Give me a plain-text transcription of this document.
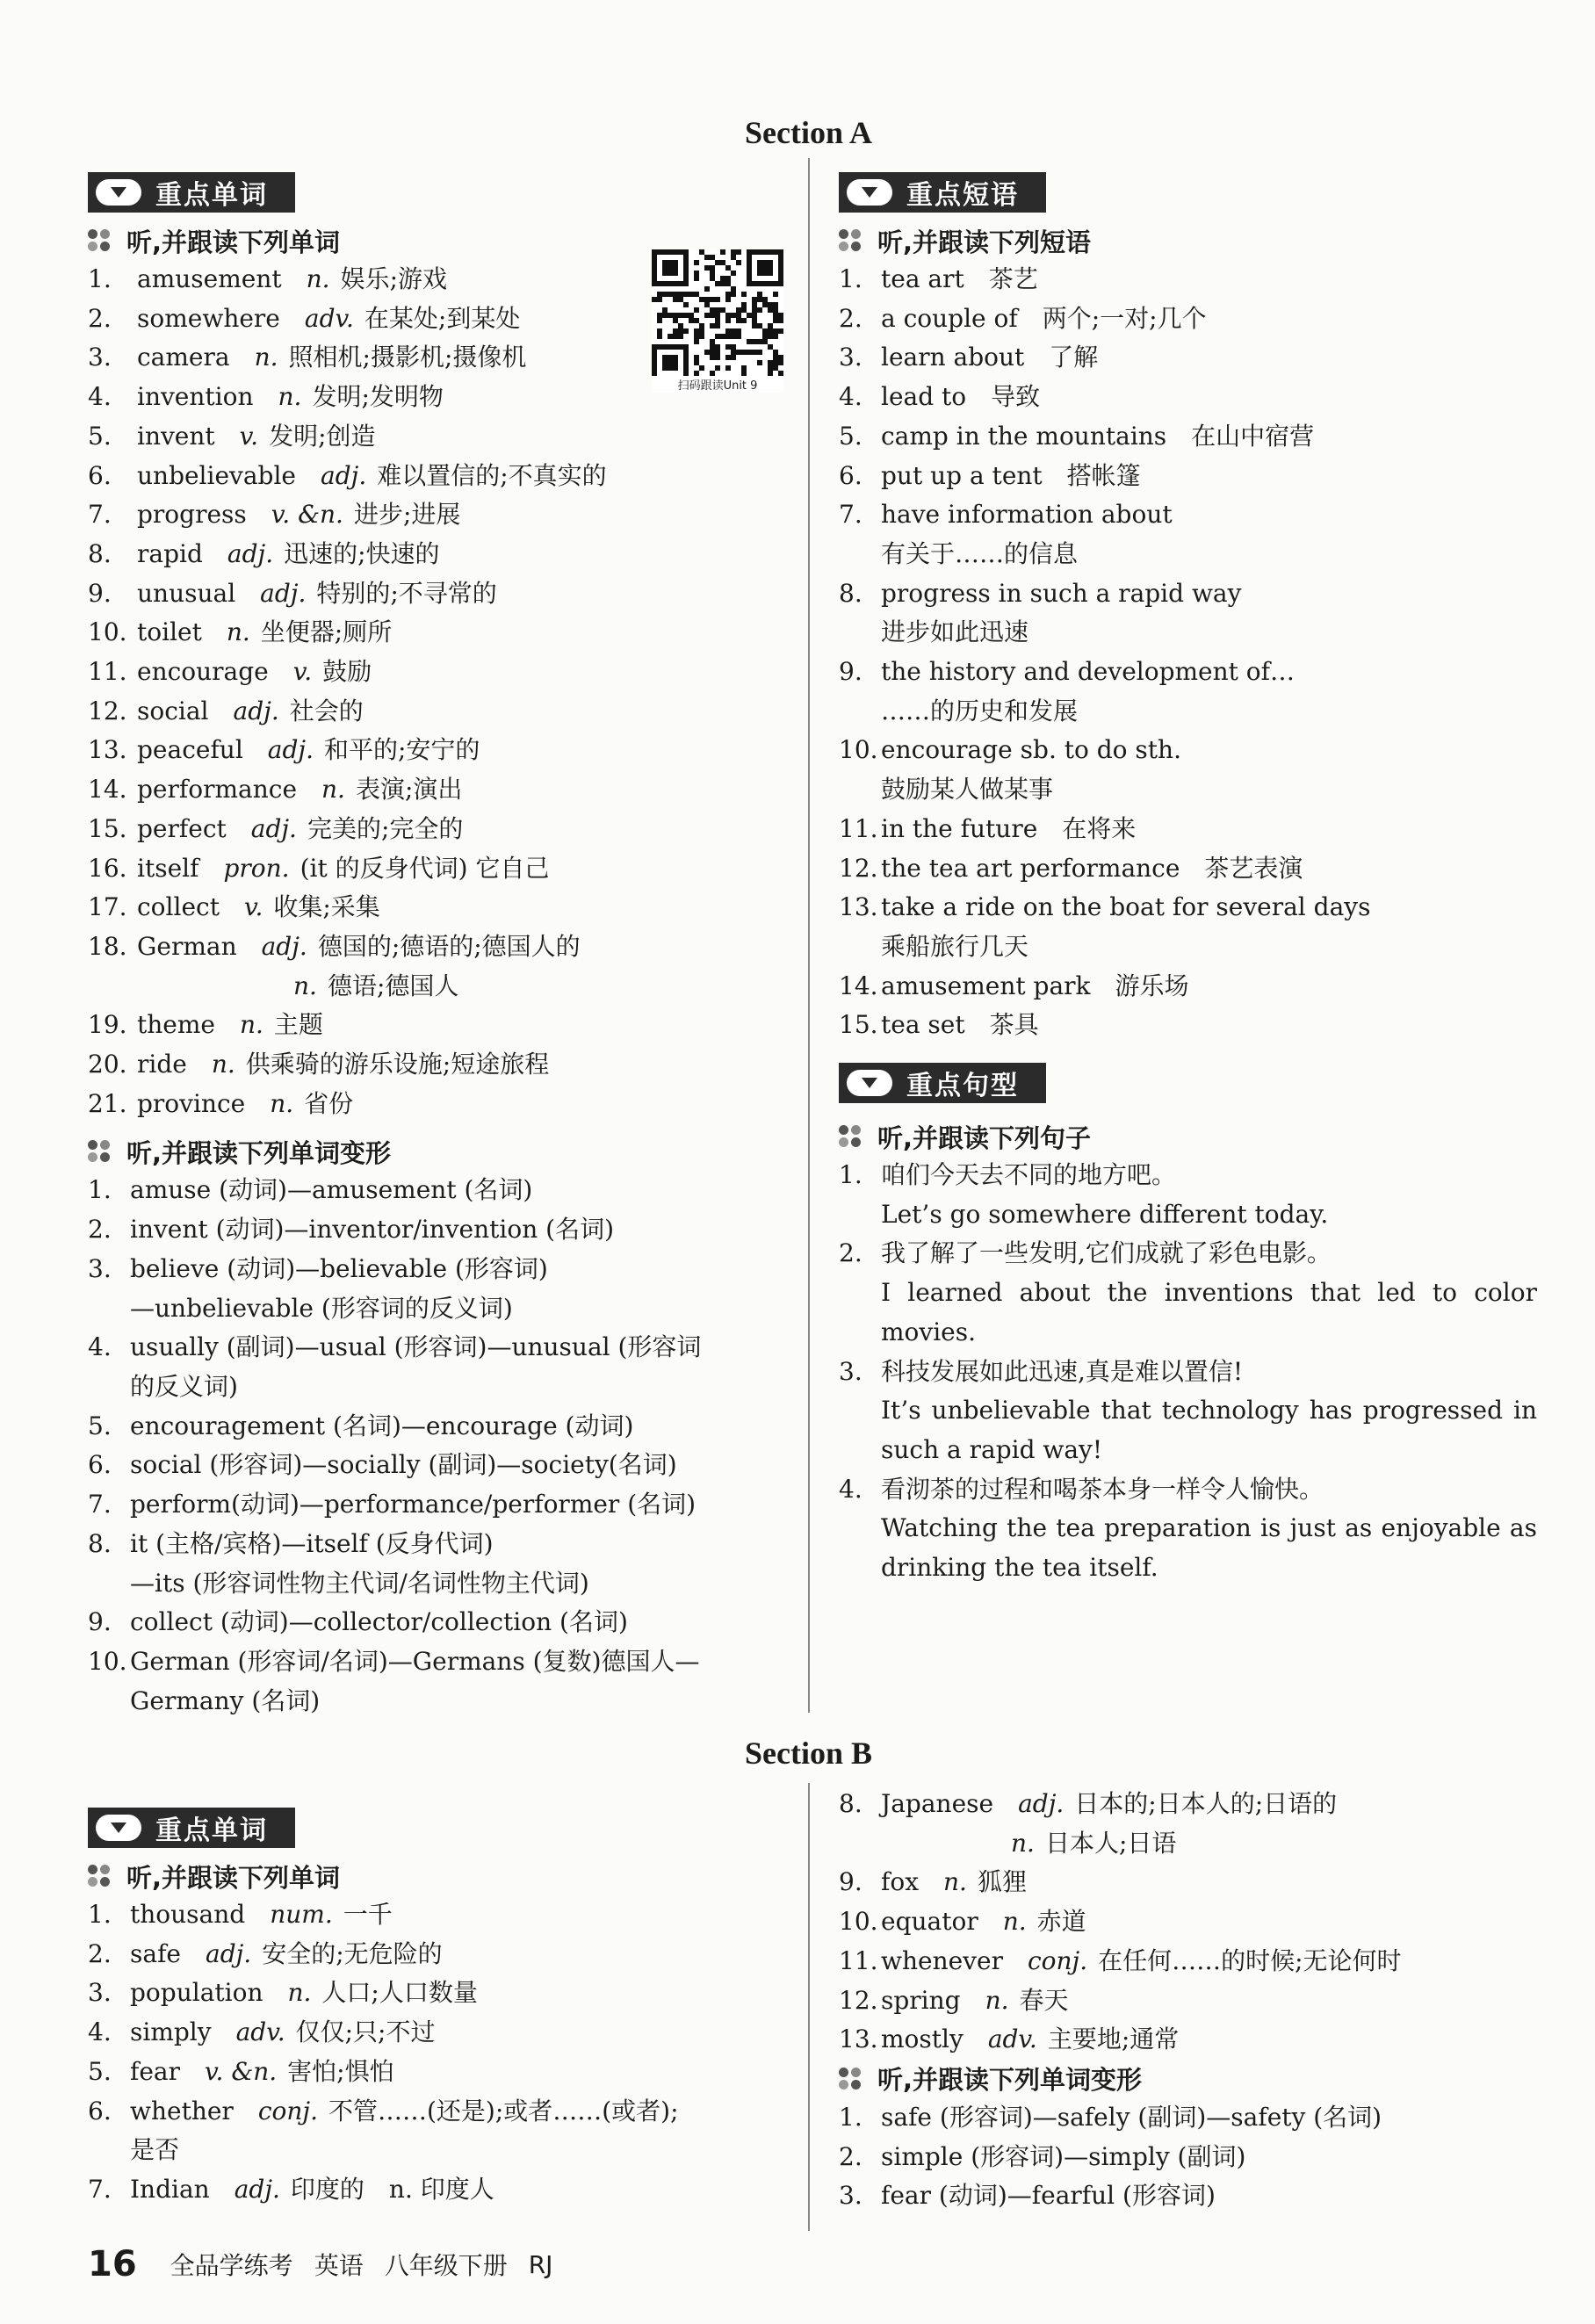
Section A
重点单词
听,并跟读下列单词
1.	amusement n. 娱乐;游戏
2.	somewhere adv. 在某处;到某处
3.	camera n. 照相机;摄影机;摄像机
4.	invention n. 发明;发明物
5.	invent v. 发明;创造
6.	unbelievable adj. 难以置信的;不真实的
7.	progress v. &n. 进步;进展
8.	rapid adj. 迅速的;快速的
9.	unusual adj. 特别的;不寻常的
10. toilet n. 坐便器;厕所
11. encourage v. 鼓励
12. social adj. 社会的
13. peaceful adj. 和平的;安宁的
14. performance n. 表演;演出
15. perfect adj. 完美的;完全的
16. itself pron. (it 的反身代词) 它自己
17. collect v. 收集;采集
18. German adj. 德国的;德语的;德国人的
n. 德语;德国人
19. theme n. 主题
20. ride n. 供乘骑的游乐设施;短途旅程
21. province n. 省份
听,并跟读下列单词变形
1. amuse (动词)—amusement (名词)
2. invent (动词)—inventor/invention (名词)
3. believe (动词)—believable (形容词)
—unbelievable (形容词的反义词)
4. usually (副词)—usual (形容词)—unusual (形容词
的反义词)
5. encouragement (名词)—encourage (动词)
6. social (形容词)—socially (副词)—society(名词)
7. perform(动词)—performance/performer (名词)
8. it (主格/宾格)—itself (反身代词)
—its (形容词性物主代词/名词性物主代词)
9. collect (动词)—collector/collection (名词)
10. German (形容词/名词)—Germans (复数)德国人—
Germany (名词)
扫码跟读Unit 9
重点短语
听,并跟读下列短语
1. tea art　茶艺
2. a couple of　两个;一对;几个
3. learn about　了解
4. lead to　导致
5. camp in the mountains　在山中宿营
6. put up a tent　搭帐篷
7. have information about
有关于……的信息
8. progress in such a rapid way
进步如此迅速
9. the history and development of…
……的历史和发展
10. encourage sb. to do sth.
鼓励某人做某事
11. in the future　在将来
12. the tea art performance　茶艺表演
13. take a ride on the boat for several days
乘船旅行几天
14. amusement park　游乐场
15. tea set　茶具
重点句型
听,并跟读下列句子
1. 咱们今天去不同的地方吧。
Let’s go somewhere different today.
2. 我了解了一些发明,它们成就了彩色电影。
I learned about the inventions that led to color
movies.
3. 科技发展如此迅速,真是难以置信!
It’s unbelievable that technology has progressed in
such a rapid way!
4. 看沏茶的过程和喝茶本身一样令人愉快。
Watching the tea preparation is just as enjoyable as
drinking the tea itself.
Section B
重点单词
听,并跟读下列单词
1. thousand num. 一千
2. safe adj. 安全的;无危险的
3. population n. 人口;人口数量
4. simply adv. 仅仅;只;不过
5. fear v. &n. 害怕;惧怕
6. whether conj. 不管……(还是);或者……(或者);
是否
7. Indian adj. 印度的　n. 印度人
8. Japanese adj. 日本的;日本人的;日语的
n. 日本人;日语
9. fox n. 狐狸
10. equator n. 赤道
11. whenever conj. 在任何……的时候;无论何时
12. spring n. 春天
13. mostly adv. 主要地;通常
听,并跟读下列单词变形
1. safe (形容词)—safely (副词)—safety (名词)
2. simple (形容词)—simply (副词)
3. fear (动词)—fearful (形容词)
16 全品学练考 英语 八年级下册 RJ
